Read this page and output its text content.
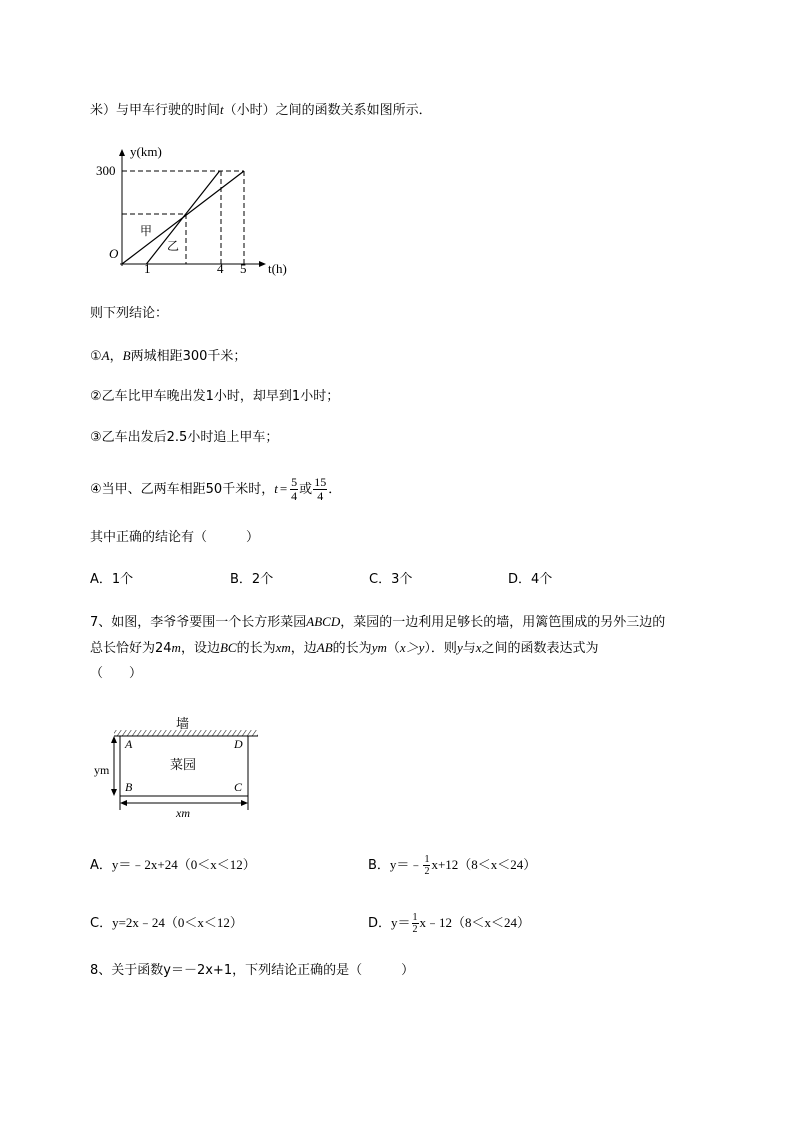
米）与甲车行驶的时间t（小时）之间的函数关系如图所示．
y(km)
300
O
甲
乙
1	4 5 t(h)
则下列结论：
①A，B两城相距300千米；
②乙车比甲车晚出发1小时，却早到1小时；
③乙车出发后2.5小时追上甲车；
④当甲、乙两车相距50千米时，$t = \frac{5}{4}$ 或 $\frac{15}{4}$ ．
其中正确的结论有（　　　）
A．1个	B．2个	C．3个	D．4个
7、如图，李爷爷要围一个长方形菜园ABCD，菜园的一边利用足够长的墙，用篱笆围成的另外三边的
总长恰好为24m，设边BC的长为xm，边AB的长为ym（x＞y）．则y与x之间的函数表达式为
（　　）
墙
A	D
B	C
菜园
ym
xm
A．y＝﹣2x+24（0＜x＜12）	B．y＝﹣ $\frac{1}{2} x+12(8<x<24)$
C．y=2x﹣24（0＜x＜12）	D．$y= \frac{1}{2}$ x﹣12（8＜x＜24）
8、关于函数y＝－2x+1，下列结论正确的是（　　　）
